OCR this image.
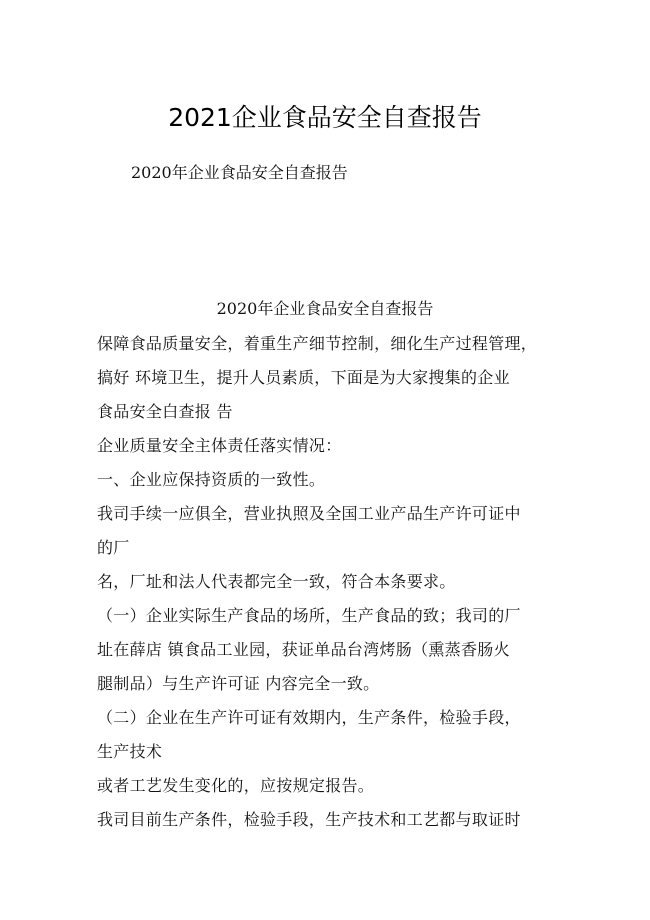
2021企业食品安全自查报告
2020年企业食品安全自查报告
2020年企业食品安全自查报告

保障食品质量安全，着重生产细节控制，细化生产过程管理，

搞好 环境卫生，提升人员素质，下面是为大家搜集的企业

食品安全白查报 告

企业质量安全主体责任落实情况：

一、企业应保持资质的一致性。

我司手续一应俱全，营业执照及全国工业产品生产许可证中

的厂

名，厂址和法人代表都完全一致，符合本条要求。

（一）企业实际生产食品的场所，生产食品的致；我司的厂

址在薛店 镇食品工业园，获证单品台湾烤肠（熏蒸香肠火

腿制品）与生产许可证 内容完全一致。

（二）企业在生产许可证有效期内，生产条件，检验手段，

生产技术

或者工艺发生变化的，应按规定报告。

我司目前生产条件，检验手段，生产技术和工艺都与取证时
